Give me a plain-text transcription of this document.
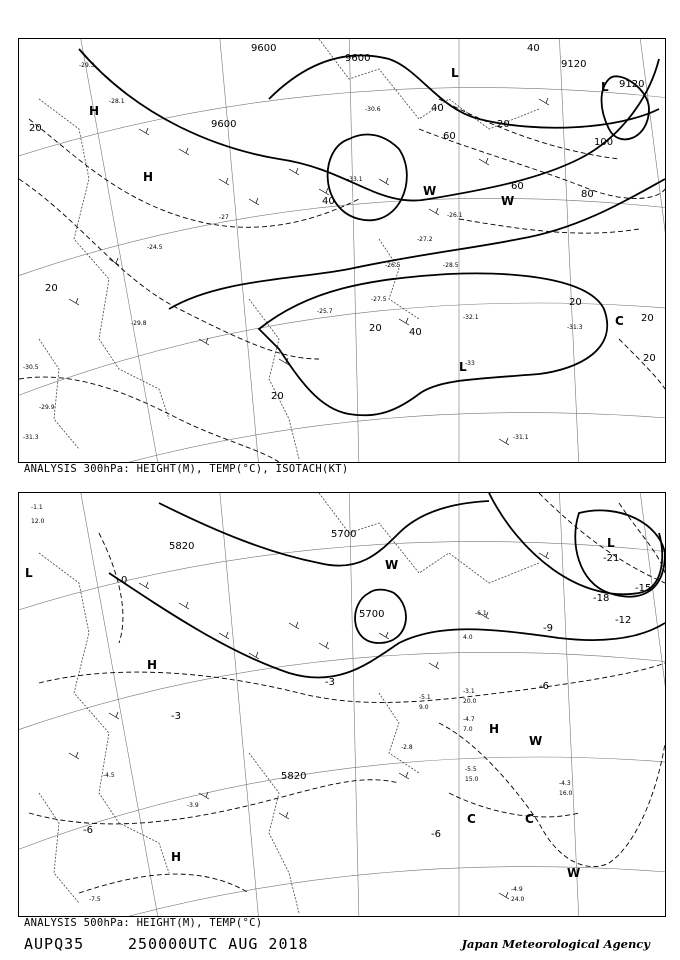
9600
9600
9120
9120
9600
20
40
60
80
100
20
40
60
40
20
40
20
20
20
20
20
H
H
L
L
L
C
W
W
-29.3
-28.1
-27
-26.5
-33
-31.3
-31.1
-32.1
-27.5
-24.5
-25.7
-26.1
-30.5
-29.9
-31.3
-27.2
-28.5
-30.6
-29.8
-33.1
ANALYSIS 300hPa: HEIGHT(M), TEMP(°C), ISOTACH(KT)
5700
5820
5820
5700
-15
-18
-21
-12
-9
-6
-6	-6
-3
0
-3
L
L
H
H
H
C	C
W
W
W
-4.5
-5.5
-4.9
-4.7
-7.5
-3.9
-5.1
-6.1
-4.3
-3.1
-2.8
-1.1
12.0
24.0
16.0
15.0
20.0
9.0
7.0
4.0
ANALYSIS 500hPa: HEIGHT(M), TEMP(°C)
AUPQ35	250000UTC AUG 2018	Japan Meteorological Agency
